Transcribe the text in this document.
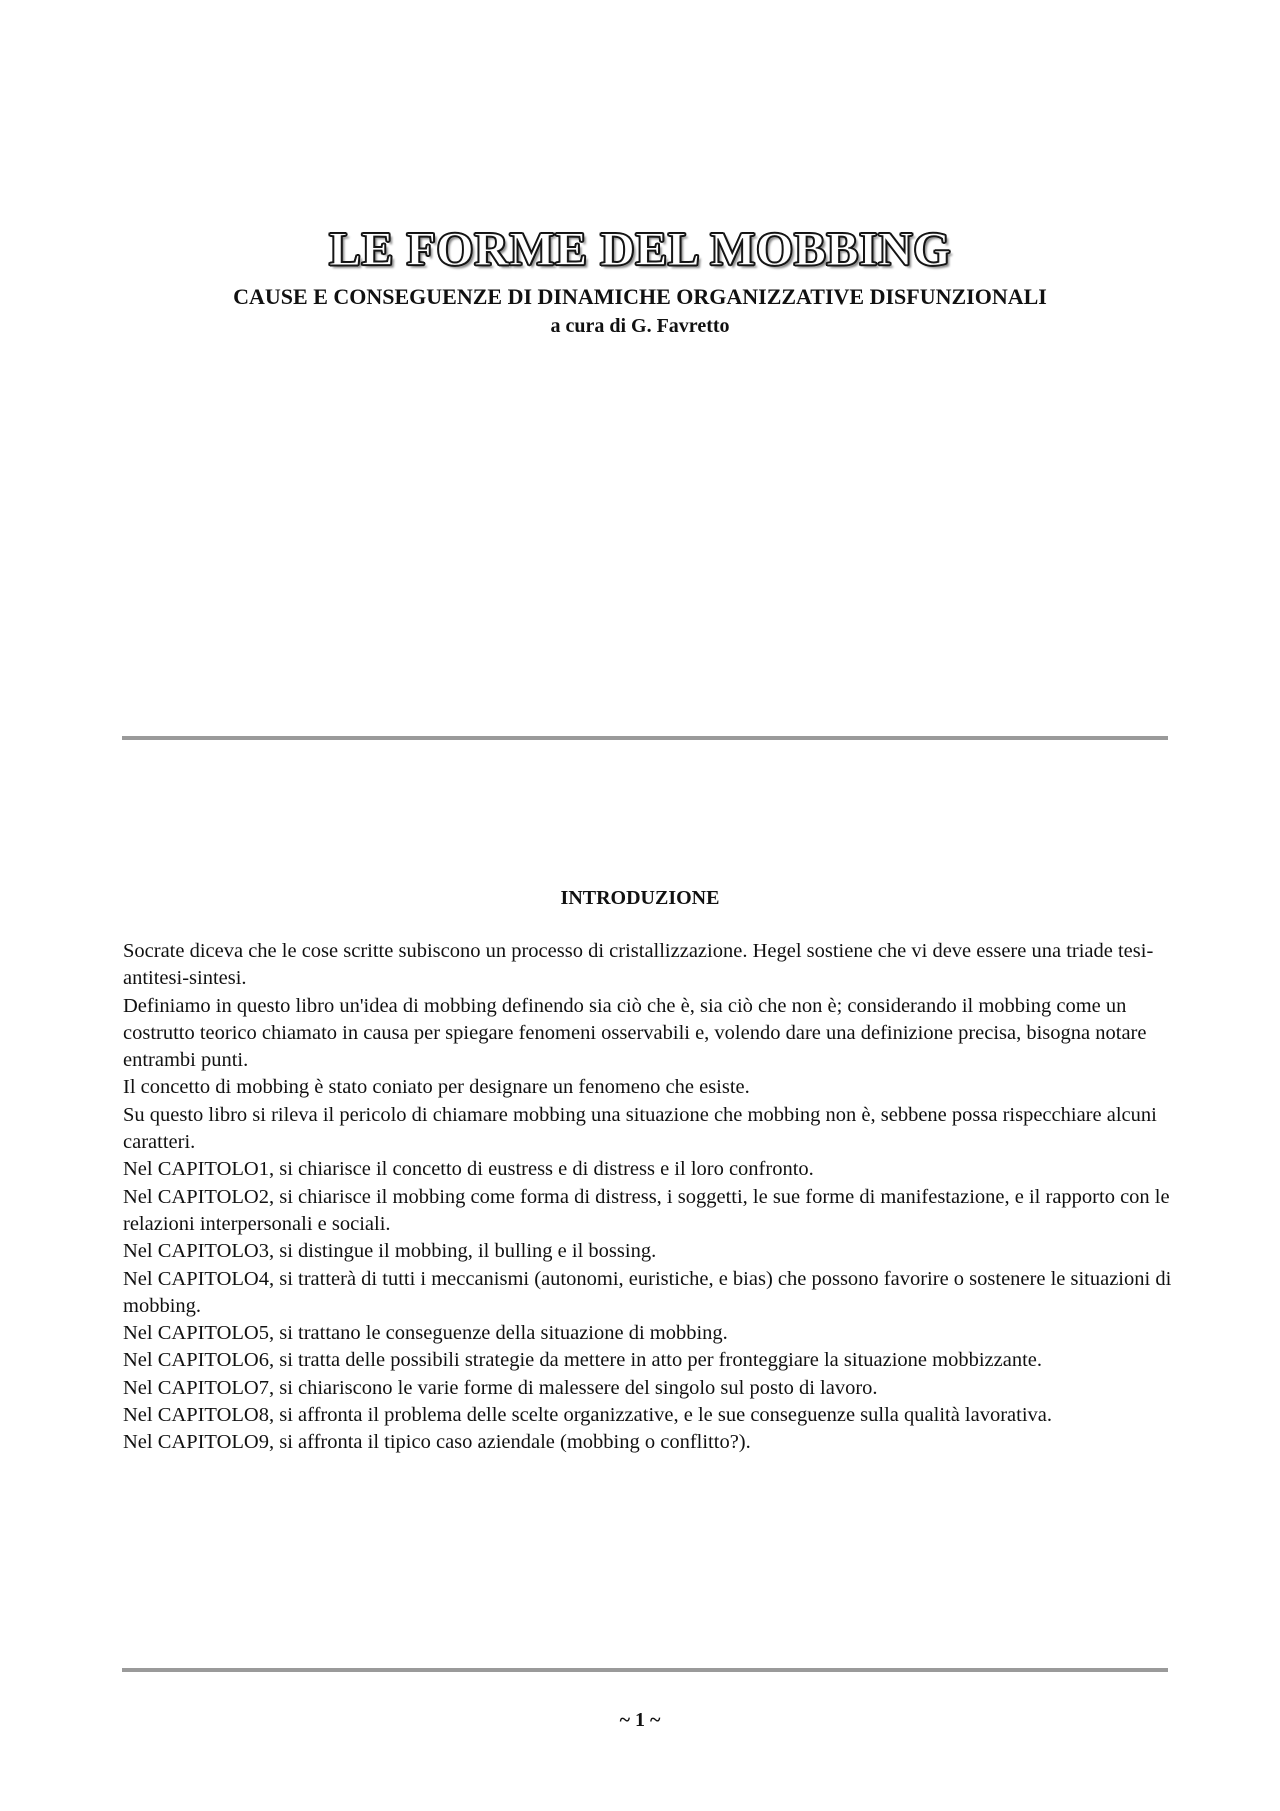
LE FORME DEL MOBBING

CAUSE E CONSEGUENZE DI DINAMICHE ORGANIZZATIVE DISFUNZIONALI

a cura di G. Favretto

INTRODUZIONE

Socrate diceva che le cose scritte subiscono un processo di cristallizzazione. Hegel sostiene che vi deve essere una triade tesi-antitesi-sintesi.

Definiamo in questo libro un'idea di mobbing definendo sia ciò che è, sia ciò che non è; considerando il mobbing come un costrutto teorico chiamato in causa per spiegare fenomeni osservabili e, volendo dare una definizione precisa, bisogna notare entrambi punti.

Il concetto di mobbing è stato coniato per designare un fenomeno che esiste.

Su questo libro si rileva il pericolo di chiamare mobbing una situazione che mobbing non è, sebbene possa rispecchiare alcuni caratteri.

Nel CAPITOLO1, si chiarisce il concetto di eustress e di distress e il loro confronto.

Nel CAPITOLO2, si chiarisce il mobbing come forma di distress, i soggetti, le sue forme di manifestazione, e il rapporto con le relazioni interpersonali e sociali.

Nel CAPITOLO3, si distingue il mobbing, il bulling e il bossing.

Nel CAPITOLO4, si tratterà di tutti i meccanismi (autonomi, euristiche, e bias) che possono favorire o sostenere le situazioni di mobbing.

Nel CAPITOLO5, si trattano le conseguenze della situazione di mobbing.

Nel CAPITOLO6, si tratta delle possibili strategie da mettere in atto per fronteggiare la situazione mobbizzante.

Nel CAPITOLO7, si chiariscono le varie forme di malessere del singolo sul posto di lavoro.

Nel CAPITOLO8, si affronta il problema delle scelte organizzative, e le sue conseguenze sulla qualità lavorativa.

Nel CAPITOLO9, si affronta il tipico caso aziendale (mobbing o conflitto?).

~ 1 ~
